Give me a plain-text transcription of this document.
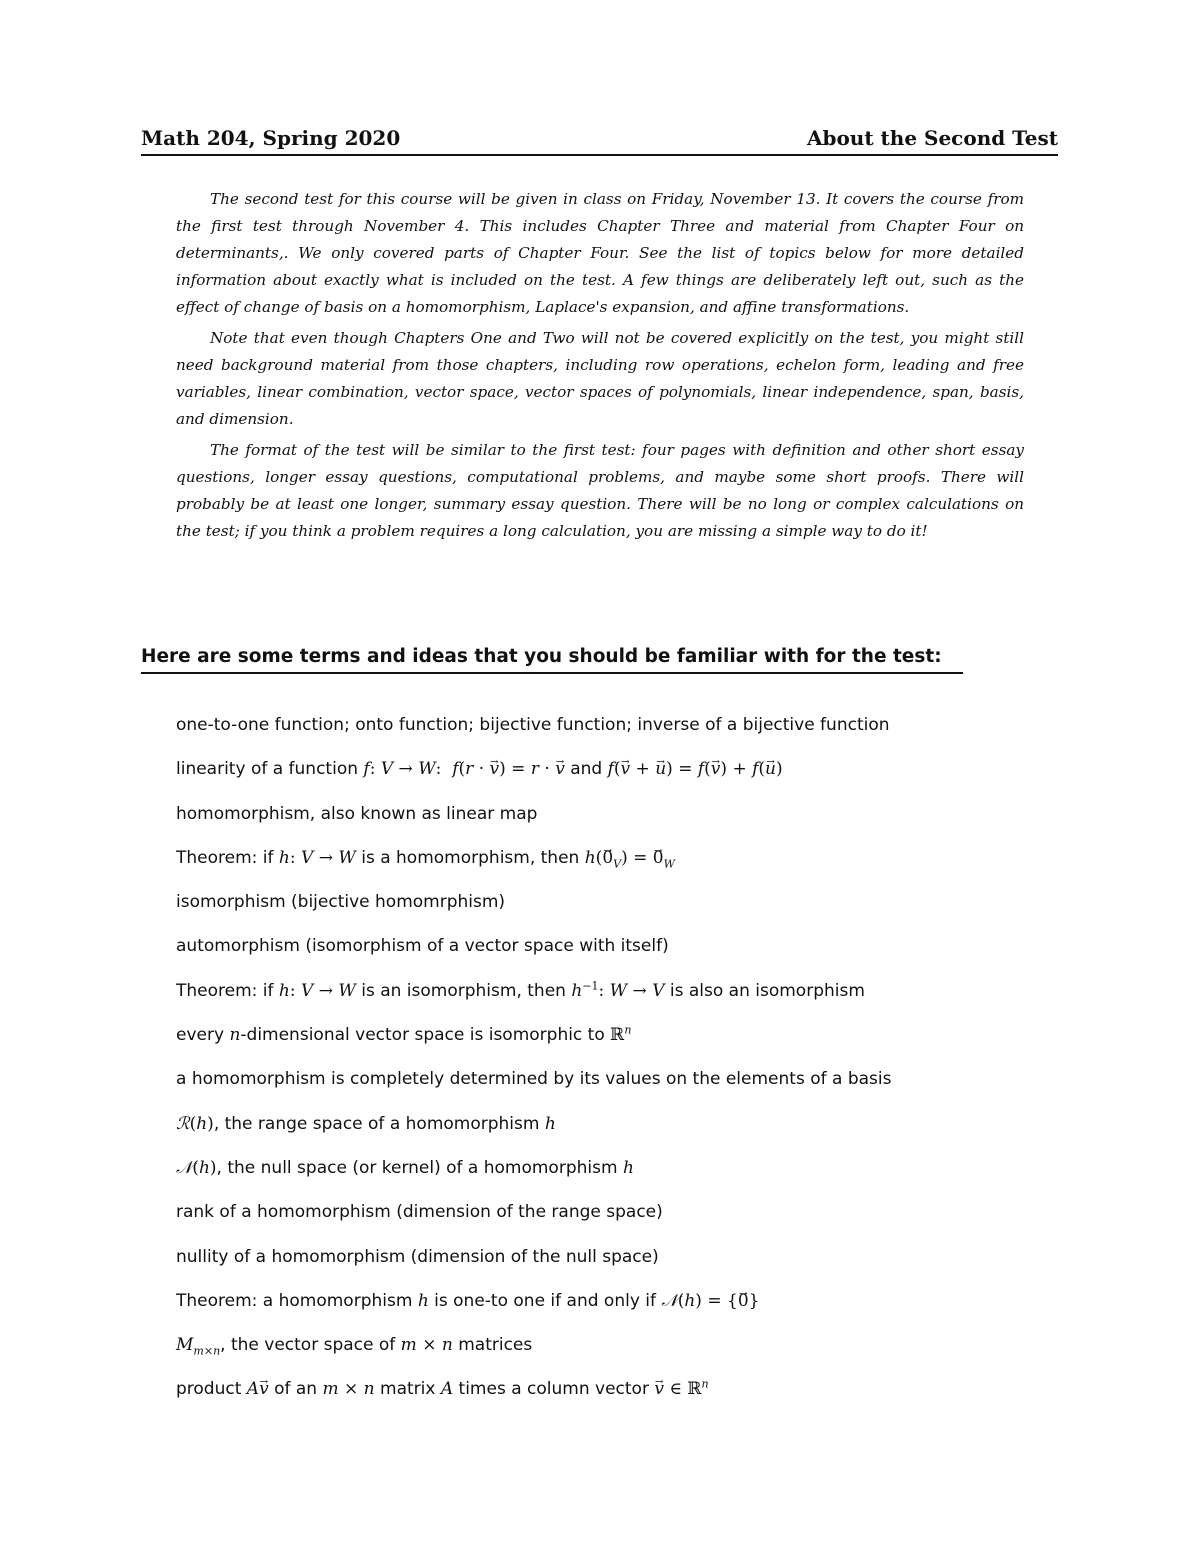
Math 204, Spring 2020	About the Second Test

The second test for this course will be given in class on Friday, November 13. It covers the course from the first test through November 4. This includes Chapter Three and material from Chapter Four on determinants,. We only covered parts of Chapter Four. See the list of topics below for more detailed information about exactly what is included on the test. A few things are deliberately left out, such as the effect of change of basis on a homomorphism, Laplace's expansion, and affine transformations.

Note that even though Chapters One and Two will not be covered explicitly on the test, you might still need background material from those chapters, including row operations, echelon form, leading and free variables, linear combination, vector space, vector spaces of polynomials, linear independence, span, basis, and dimension.

The format of the test will be similar to the first test: four pages with definition and other short essay questions, longer essay questions, computational problems, and maybe some short proofs. There will probably be at least one longer, summary essay question. There will be no long or complex calculations on the test; if you think a problem requires a long calculation, you are missing a simple way to do it!

Here are some terms and ideas that you should be familiar with for the test:
one-to-one function; onto function; bijective function; inverse of a bijective function
linearity of a function f: V → W: f(r · v →) = r · v → and f(v → + u →) = f(v →) + f(u →)
homomorphism, also known as linear map
Theorem: if h: V → W is a homomorphism, then $h(0 \to_V) = 0 \to_W$
isomorphism (bijective homomrphism)
automorphism (isomorphism of a vector space with itself)
Theorem: if h: V → W is an isomorphism, then $h^{-1}$: W → V is also an isomorphism
every n-dimensional vector space is isomorphic to ℝ$^n$
a homomorphism is completely determined by its values on the elements of a basis
ℛ(h), the range space of a homomorphism h
𝒩(h), the null space (or kernel) of a homomorphism h
rank of a homomorphism (dimension of the range space)
nullity of a homomorphism (dimension of the null space)
Theorem: a homomorphism h is one-to one if and only if 𝒩(h) = {0 →}
$M_{m\times n}$, the vector space of m × n matrices
product Av → of an m × n matrix A times a column vector v → ∈ ℝ$^n$
